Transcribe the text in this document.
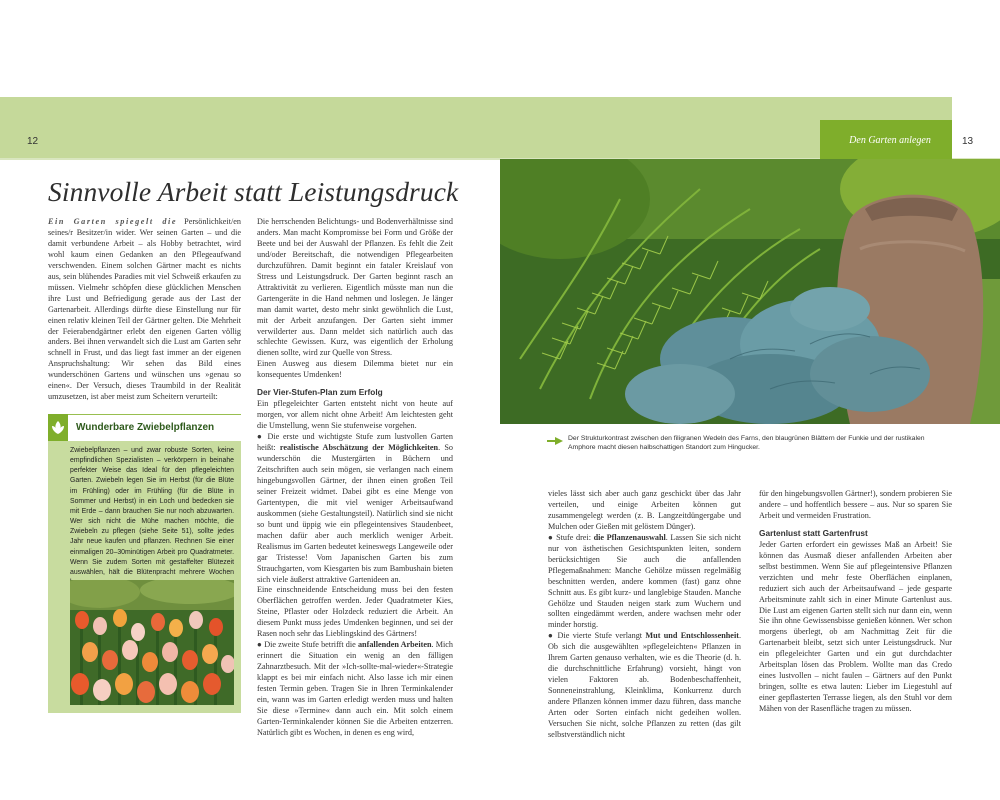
12	Den Garten anlegen	13
Sinnvolle Arbeit statt Leistungsdruck

Ein Garten spiegelt die Persönlichkeit/en seines/r Besitzer/in wider. Wer seinen Garten – und die damit verbundene Arbeit – als Hobby betrachtet, wird wohl kaum einen Gedanken an den Pflegeaufwand verschwenden. Einem solchen Gärtner macht es nichts aus, sein blühendes Paradies mit viel Schweiß erkaufen zu müssen. Vielmehr schöpfen diese glücklichen Menschen ihre Lust und Befriedigung gerade aus der Last der Gartenarbeit. Allerdings dürfte diese Einstellung nur für einen relativ kleinen Teil der Gärtner gelten. Die Mehrheit der Feierabendgärtner erlebt den eigenen Garten völlig anders. Bei ihnen verwandelt sich die Lust am Garten sehr schnell in Frust, und das liegt fast immer an der eigenen Anspruchshaltung: Wir sehen das Bild eines wunderschönen Gartens und wünschen uns »genau so einen«. Der Versuch, dieses Traumbild in der Realität umzusetzen, ist aber meist zum Scheitern verurteilt:

Wunderbare Zwiebelpflanzen

Zwiebelpflanzen – und zwar robuste Sorten, keine empfindlichen Spezialisten – verkörpern in beinahe perfekter Weise das Ideal für den pflegeleichten Garten. Zwiebeln legen Sie im Herbst (für die Blüte im Frühling) oder im Frühling (für die Blüte in Sommer und Herbst) in ein Loch und bedecken sie mit Erde – dann brauchen Sie nur noch abzuwarten. Wer sich nicht die Mühe machen möchte, die Zwiebeln zu pflegen (siehe Seite 51), sollte jedes Jahr neue kaufen und pflanzen. Rechnen Sie einer einmaligen 20–30minütigen Arbeit pro Quadratmeter. Wenn Sie zudem Sorten mit gestaffelter Blütezeit auswählen, hält die Blütenpracht mehrere Wochen

Die herrschenden Belichtungs- und Bodenverhältnisse sind anders. Man macht Kompromisse bei Form und Größe der Beete und bei der Auswahl der Pflanzen. Es fehlt die Zeit und/oder Bereitschaft, die notwendigen Pflegearbeiten durchzuführen. Damit beginnt ein fataler Kreislauf von Stress und Leistungsdruck. Der Garten beginnt rasch an Attraktivität zu verlieren. Eigentlich müsste man nun die Gartengeräte in die Hand nehmen und loslegen. Je länger man damit wartet, desto mehr sinkt gewöhnlich die Lust, mit der Arbeit anzufangen. Der Garten sieht immer verwilderter aus. Dann meldet sich natürlich auch das schlechte Gewissen. Kurz, was eigentlich der Erholung dienen sollte, wird zur Quelle von Stress.

Einen Ausweg aus diesem Dilemma bietet nur ein konsequentes Umdenken!

Der Vier-Stufen-Plan zum Erfolg

Ein pflegeleichter Garten entsteht nicht von heute auf morgen, vor allem nicht ohne Arbeit! Am leichtesten geht die Umstellung, wenn Sie stufenweise vorgehen.

● Die erste und wichtigste Stufe zum lustvollen Garten heißt: realistische Abschätzung der Möglichkeiten. So wunderschön die Mustergärten in Büchern und Zeitschriften auch sein mögen, sie verlangen nach einem hingebungsvollen Gärtner, der ihnen einen großen Teil seiner Freizeit widmet. Dabei gibt es eine Menge von Gartentypen, die mit viel weniger Arbeitsaufwand auskommen (siehe Gestaltungsteil). Natürlich sind sie nicht so bunt und üppig wie ein pflegeintensives Staudenbeet, machen dafür aber auch merklich weniger Arbeit. Realismus im Garten bedeutet keineswegs Langeweile oder gar Tristesse! Vom Japanischen Garten bis zum Strauchgarten, vom Kiesgarten bis zum Bambushain bieten sich viele äußerst attraktive Gartenideen an.

Eine einschneidende Entscheidung muss bei den festen Oberflächen getroffen werden. Jeder Quadratmeter Kies, Steine, Pflaster oder Holzdeck reduziert die Arbeit. An diesem Punkt muss jedes Umdenken beginnen, und sei der Rasen noch sehr das Lieblingskind des Gärtners!

● Die zweite Stufe betrifft die anfallenden Arbeiten. Mich erinnert die Situation ein wenig an den fälligen Zahnarztbesuch. Mit der »Ich-sollte-mal-wieder«-Strategie klappt es bei mir einfach nicht. Also lasse ich mir einen festen Termin geben. Tragen Sie in Ihren Terminkalender ein, wann was im Garten erledigt werden muss und halten Sie diese »Termine« dann auch ein. Mit solch einem Garten-Terminkalender können Sie die Arbeiten entzerren. Natürlich gibt es Wochen, in denen es eng wird,

Der Strukturkontrast zwischen den filigranen Wedeln des Farns, den blaugrünen Blättern der Funkie und der rustikalen Amphore macht diesen halbschattigen Standort zum Hingucker.

vieles lässt sich aber auch ganz geschickt über das Jahr verteilen, und einige Arbeiten können gut zusammengelegt werden (z. B. Langzeitdüngergabe und Mulchen oder Gießen mit gelöstem Dünger).

● Stufe drei: die Pflanzenauswahl. Lassen Sie sich nicht nur von ästhetischen Gesichtspunkten leiten, sondern berücksichtigen Sie auch die anfallenden Pflegemaßnahmen: Manche Gehölze müssen regelmäßig beschnitten werden, andere kommen (fast) ganz ohne Schnitt aus. Es gibt kurz- und langlebige Stauden. Manche Gehölze und Stauden neigen stark zum Wuchern und sollten eingedämmt werden, andere wachsen mehr oder minder horstig.

● Die vierte Stufe verlangt Mut und Entschlossenheit. Ob sich die ausgewählten »pflegeleichten« Pflanzen in Ihrem Garten genauso verhalten, wie es die Theorie (d. h. die durchschnittliche Erfahrung) vorsieht, hängt von vielen Faktoren ab. Bodenbeschaffenheit, Sonneneinstrahlung, Kleinklima, Konkurrenz durch andere Pflanzen können immer dazu führen, dass manche Arten oder Sorten einfach nicht gedeihen wollen. Versuchen Sie nicht, solche Pflanzen zu retten (das gilt selbstverständlich nicht

für den hingebungsvollen Gärtner!), sondern probieren Sie andere – und hoffentlich bessere – aus. Nur so sparen Sie Arbeit und vermeiden Frustration.

Gartenlust statt Gartenfrust

Jeder Garten erfordert ein gewisses Maß an Arbeit! Sie können das Ausmaß dieser anfallenden Arbeiten aber selbst bestimmen. Wenn Sie auf pflegeintensive Pflanzen verzichten und mehr feste Oberflächen einplanen, reduziert sich auch der Arbeitsaufwand – jede gesparte Arbeitsminute zahlt sich in einer Minute Gartenlust aus. Die Lust am eigenen Garten stellt sich nur dann ein, wenn Sie ihn ohne Gewissensbisse genießen können. Wer schon morgens überlegt, ob am Nachmittag Zeit für die Gartenarbeit bleibt, setzt sich unter Leistungsdruck. Nur ein pflegeleichter Garten und ein gut durchdachter Arbeitsplan lösen das Problem. Wollte man das Credo eines lustvollen – nicht faulen – Gärtners auf den Punkt bringen, sollte es etwa lauten: Lieber im Liegestuhl auf einer gepflasterten Terrasse liegen, als den Stuhl vor dem Mähen von der Rasenfläche tragen zu müssen.
